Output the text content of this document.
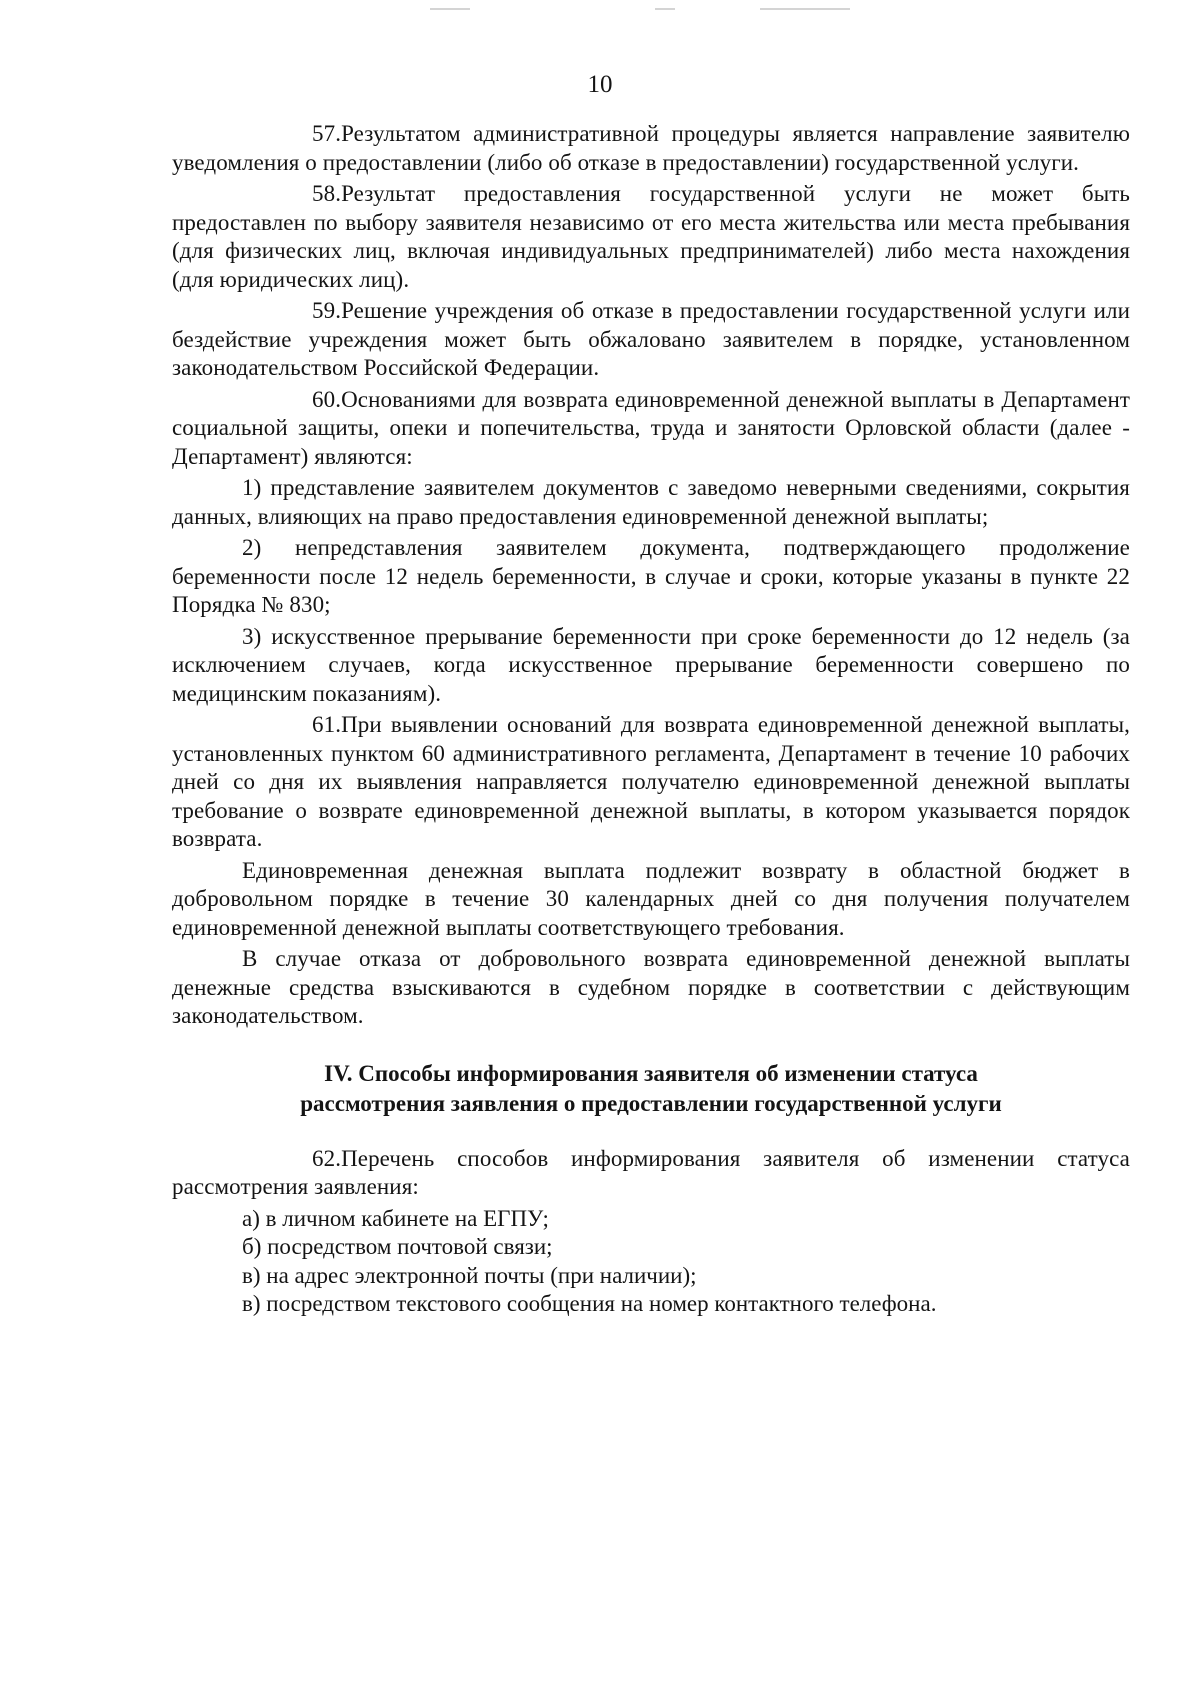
10

57.Результатом административной процедуры является направление заявителю уведомления о предоставлении (либо об отказе в предоставлении) государственной услуги.

58.Результат предоставления государственной услуги не может быть предоставлен по выбору заявителя независимо от его места жительства или места пребывания (для физических лиц, включая индивидуальных предпринимателей) либо места нахождения (для юридических лиц).

59.Решение учреждения об отказе в предоставлении государственной услуги или бездействие учреждения может быть обжаловано заявителем в порядке, установленном законодательством Российской Федерации.

60.Основаниями для возврата единовременной денежной выплаты в Департамент социальной защиты, опеки и попечительства, труда и занятости Орловской области (далее - Департамент) являются:

1) представление заявителем документов с заведомо неверными сведениями, сокрытия данных, влияющих на право предоставления единовременной денежной выплаты;

2) непредставления заявителем документа, подтверждающего продолжение беременности после 12 недель беременности, в случае и сроки, которые указаны в пункте 22 Порядка № 830;

3) искусственное прерывание беременности при сроке беременности до 12 недель (за исключением случаев, когда искусственное прерывание беременности совершено по медицинским показаниям).

61.При выявлении оснований для возврата единовременной денежной выплаты, установленных пунктом 60 административного регламента, Департамент в течение 10 рабочих дней со дня их выявления направляется получателю единовременной денежной выплаты требование о возврате единовременной денежной выплаты, в котором указывается порядок возврата.

Единовременная денежная выплата подлежит возврату в областной бюджет в добровольном порядке в течение 30 календарных дней со дня получения получателем единовременной денежной выплаты соответствующего требования.

В случае отказа от добровольного возврата единовременной денежной выплаты денежные средства взыскиваются в судебном порядке в соответствии с действующим законодательством.

IV. Способы информирования заявителя об изменении статуса
рассмотрения заявления о предоставлении государственной услуги

62.Перечень способов информирования заявителя об изменении статуса рассмотрения заявления:

а) в личном кабинете на ЕГПУ;
б) посредством почтовой связи;
в) на адрес электронной почты (при наличии);
в) посредством текстового сообщения на номер контактного телефона.
